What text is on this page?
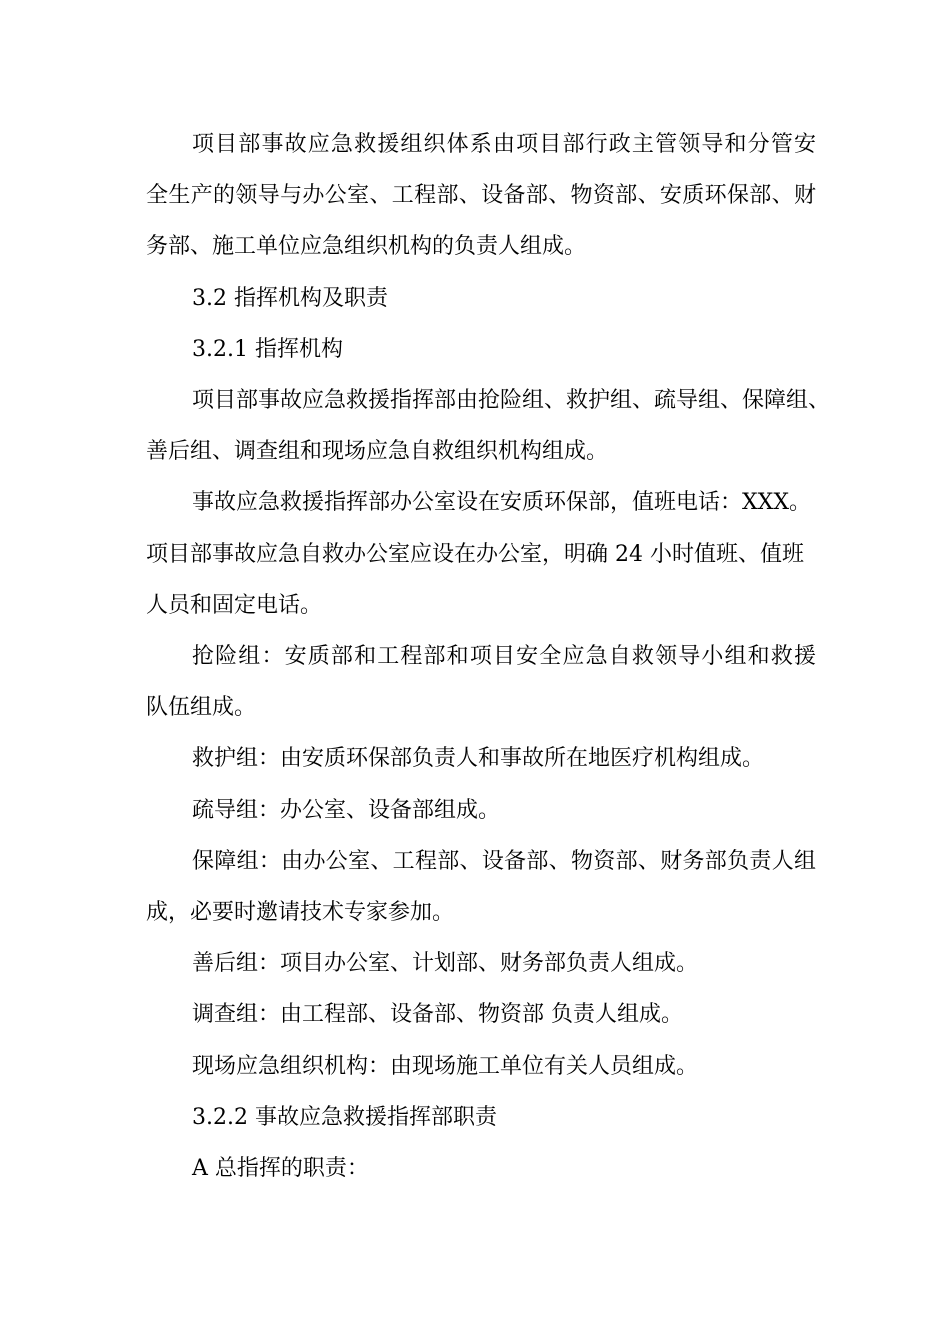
项目部事故应急救援组织体系由项目部行政主管领导和分管安
全生产的领导与办公室、工程部、设备部、物资部、安质环保部、财
务部、施工单位应急组织机构的负责人组成。
3.2 指挥机构及职责
3.2.1 指挥机构
项目部事故应急救援指挥部由抢险组、救护组、疏导组、保障组、
善后组、调查组和现场应急自救组织机构组成。
事故应急救援指挥部办公室设在安质环保部，值班电话：XXX。
项目部事故应急自救办公室应设在办公室，明确 24 小时值班、值班
人员和固定电话。
抢险组：安质部和工程部和项目安全应急自救领导小组和救援
队伍组成。
救护组：由安质环保部负责人和事故所在地医疗机构组成。
疏导组：办公室、设备部组成。
保障组：由办公室、工程部、设备部、物资部、财务部负责人组
成，必要时邀请技术专家参加。
善后组：项目办公室、计划部、财务部负责人组成。
调查组：由工程部、设备部、物资部 负责人组成。
现场应急组织机构：由现场施工单位有关人员组成。
3.2.2 事故应急救援指挥部职责
A 总指挥的职责：
